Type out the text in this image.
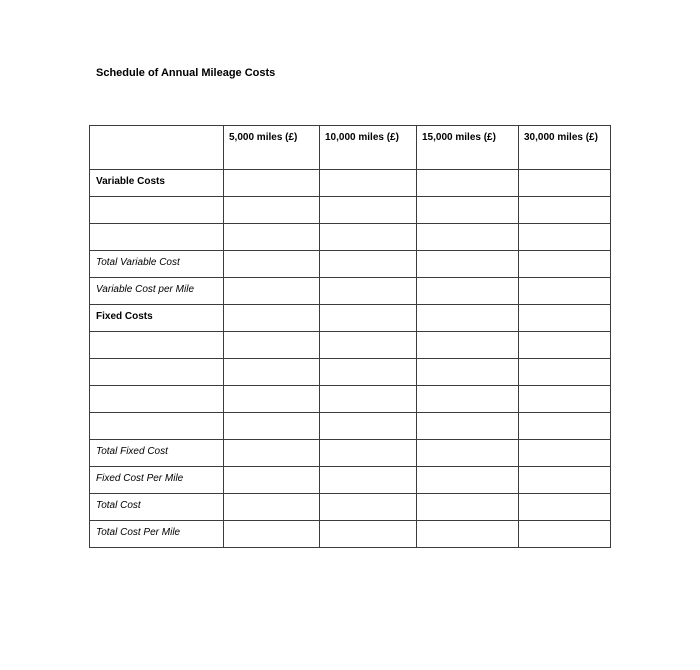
Schedule of Annual Mileage Costs
	5,000 miles (£)	10,000 miles (£)	15,000 miles (£)	30,000 miles (£)
Variable Costs				

Total Variable Cost				
Variable Cost per Mile				
Fixed Costs				

Total Fixed Cost				
Fixed Cost Per Mile				
Total Cost				
Total Cost Per Mile				
